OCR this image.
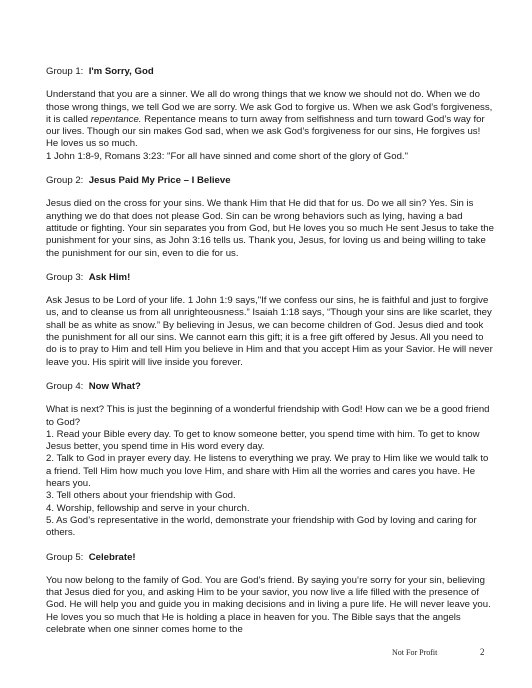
Group 1: I'm Sorry, God

Understand that you are a sinner. We all do wrong things that we know we should not do. When we do those wrong things, we tell God we are sorry. We ask God to forgive us. When we ask God’s forgiveness, it is called repentance. Repentance means to turn away from selfishness and turn toward God’s way for our lives. Though our sin makes God sad, when we ask God’s forgiveness for our sins, He forgives us! He loves us so much.

1 John 1:8-9, Romans 3:23: "For all have sinned and come short of the glory of God."

Group 2: Jesus Paid My Price – I Believe

Jesus died on the cross for your sins. We thank Him that He did that for us. Do we all sin? Yes. Sin is anything we do that does not please God. Sin can be wrong behaviors such as lying, having a bad attitude or fighting. Your sin separates you from God, but He loves you so much He sent Jesus to take the punishment for your sins, as John 3:16 tells us. Thank you, Jesus, for loving us and being willing to take the punishment for our sin, even to die for us.

Group 3: Ask Him!

Ask Jesus to be Lord of your life. 1 John 1:9 says,"If we confess our sins, he is faithful and just to forgive us, and to cleanse us from all unrighteousness.” Isaiah 1:18 says, “Though your sins are like scarlet, they shall be as white as snow.” By believing in Jesus, we can become children of God. Jesus died and took the punishment for all our sins. We cannot earn this gift; it is a free gift offered by Jesus. All you need to do is to pray to Him and tell Him you believe in Him and that you accept Him as your Savior. He will never leave you. His spirit will live inside you forever.

Group 4: Now What?

What is next? This is just the beginning of a wonderful friendship with God! How can we be a good friend to God?

1. Read your Bible every day. To get to know someone better, you spend time with him. To get to know Jesus better, you spend time in His word every day.

2. Talk to God in prayer every day. He listens to everything we pray. We pray to Him like we would talk to a friend. Tell Him how much you love Him, and share with Him all the worries and cares you have. He hears you.

3. Tell others about your friendship with God.

4. Worship, fellowship and serve in your church.

5. As God’s representative in the world, demonstrate your friendship with God by loving and caring for others.

Group 5: Celebrate!

You now belong to the family of God. You are God’s friend. By saying you’re sorry for your sin, believing that Jesus died for you, and asking Him to be your savior, you now live a life filled with the presence of God. He will help you and guide you in making decisions and in living a pure life. He will never leave you. He loves you so much that He is holding a place in heaven for you. The Bible says that the angels celebrate when one sinner comes home to the

Not For Profit	2
